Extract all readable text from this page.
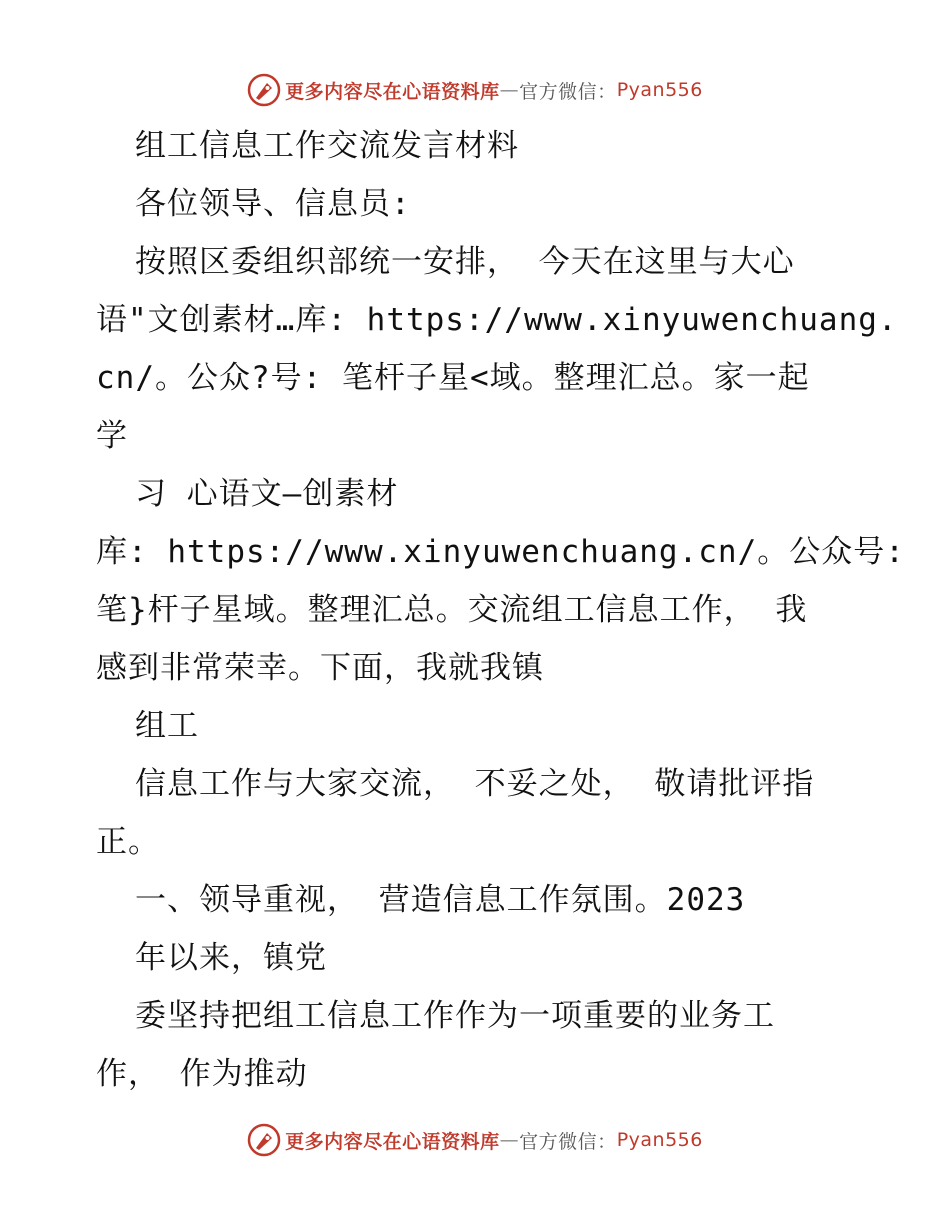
更多内容尽在心语资料库 — 官方微信： Pyan556
组工信息工作交流发言材料
各位领导、信息员:
按照区委组织部统一安排， 今天在这里与大心
语"文创素材…库: https://www.xinyuwenchuang.
cn/。公众?号: 笔杆子星<域。整理汇总。家一起
学
习 心语文—创素材
库: https://www.xinyuwenchuang.cn/。公众号:
笔}杆子星域。整理汇总。交流组工信息工作， 我
感到非常荣幸。下面，我就我镇
组工
信息工作与大家交流， 不妥之处， 敬请批评指
正。
一、领导重视， 营造信息工作氛围。2023
年以来，镇党
委坚持把组工信息工作作为一项重要的业务工
作， 作为推动
更多内容尽在心语资料库 — 官方微信： Pyan556
